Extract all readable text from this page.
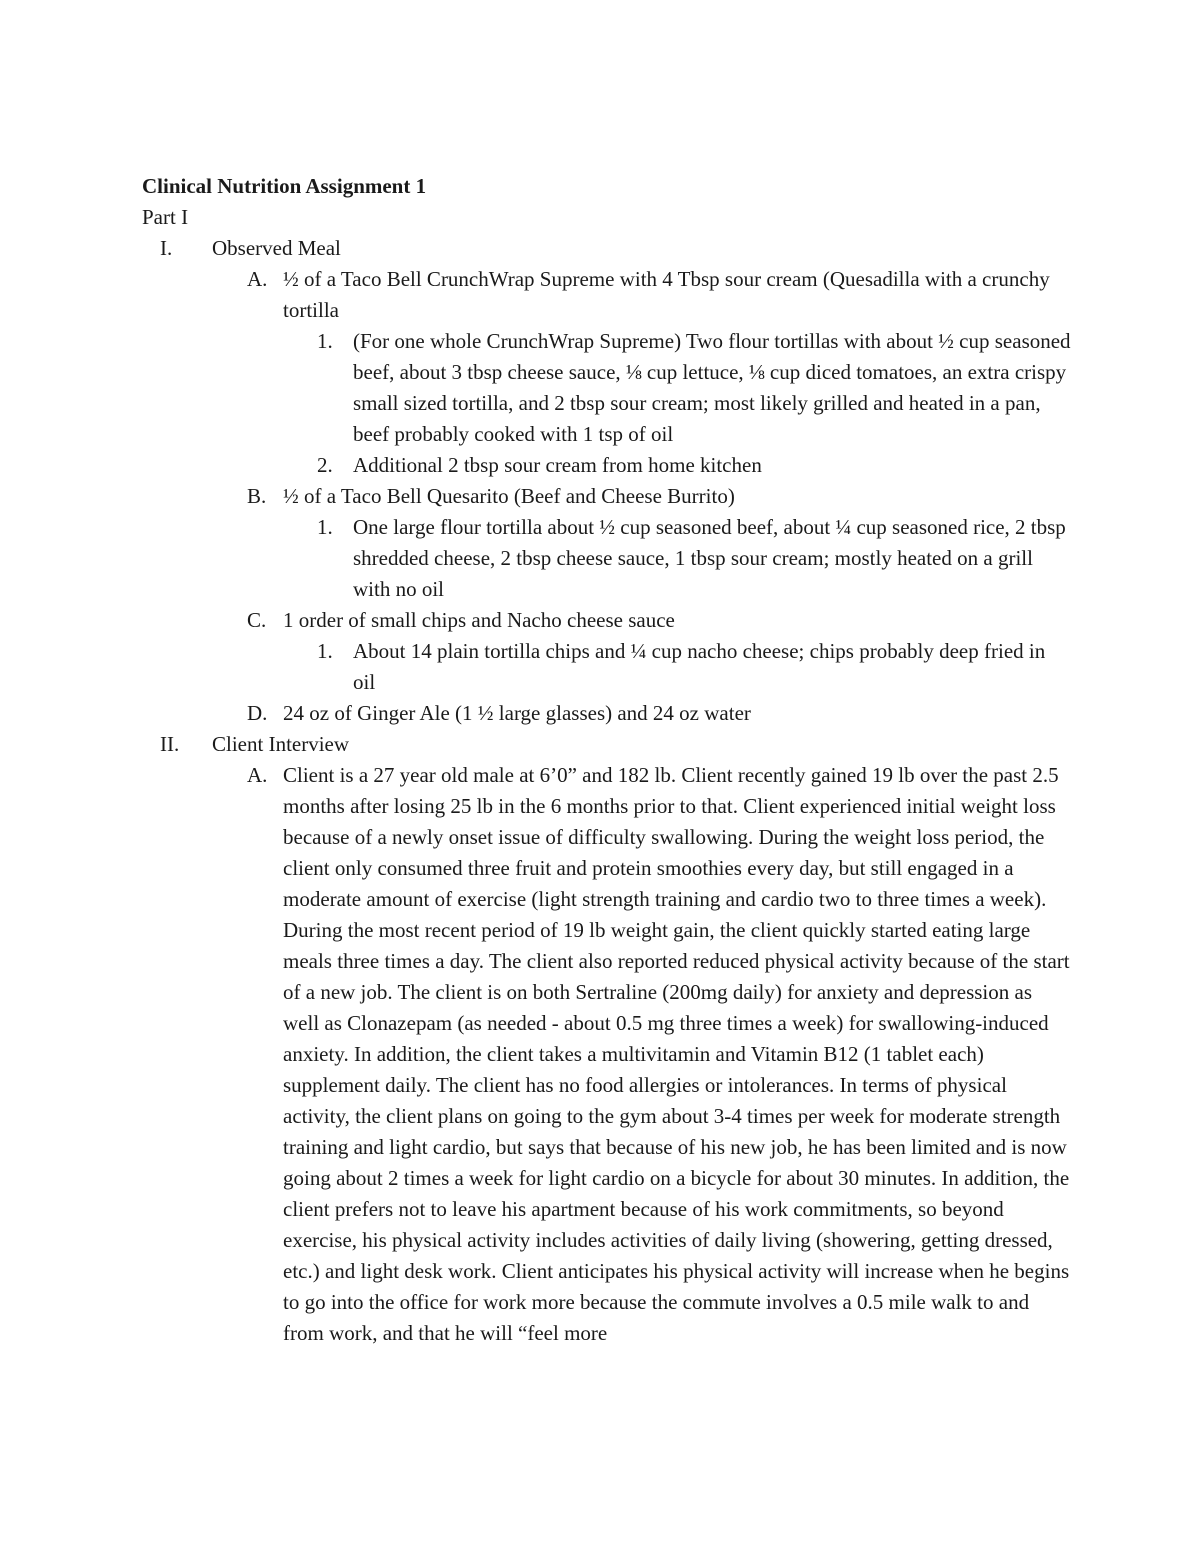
Clinical Nutrition Assignment 1

Part I

I.	Observed Meal
A. ½ of a Taco Bell CrunchWrap Supreme with 4 Tbsp sour cream (Quesadilla with a crunchy tortilla
1. (For one whole CrunchWrap Supreme) Two flour tortillas with about ½ cup seasoned beef, about 3 tbsp cheese sauce, ⅛ cup lettuce, ⅛ cup diced tomatoes, an extra crispy small sized tortilla, and 2 tbsp sour cream; most likely grilled and heated in a pan, beef probably cooked with 1 tsp of oil
2. Additional 2 tbsp sour cream from home kitchen
B. ½ of a Taco Bell Quesarito (Beef and Cheese Burrito)
1. One large flour tortilla about ½ cup seasoned beef, about ¼ cup seasoned rice, 2 tbsp shredded cheese, 2 tbsp cheese sauce, 1 tbsp sour cream; mostly heated on a grill with no oil
C. 1 order of small chips and Nacho cheese sauce
1. About 14 plain tortilla chips and ¼ cup nacho cheese; chips probably deep fried in oil
D. 24 oz of Ginger Ale (1 ½ large glasses) and 24 oz water
II.	Client Interview
A. Client is a 27 year old male at 6’0” and 182 lb. Client recently gained 19 lb over the past 2.5 months after losing 25 lb in the 6 months prior to that. Client experienced initial weight loss because of a newly onset issue of difficulty swallowing. During the weight loss period, the client only consumed three fruit and protein smoothies every day, but still engaged in a moderate amount of exercise (light strength training and cardio two to three times a week). During the most recent period of 19 lb weight gain, the client quickly started eating large meals three times a day. The client also reported reduced physical activity because of the start of a new job. The client is on both Sertraline (200mg daily) for anxiety and depression as well as Clonazepam (as needed - about 0.5 mg three times a week) for swallowing-induced anxiety. In addition, the client takes a multivitamin and Vitamin B12 (1 tablet each) supplement daily. The client has no food allergies or intolerances. In terms of physical activity, the client plans on going to the gym about 3-4 times per week for moderate strength training and light cardio, but says that because of his new job, he has been limited and is now going about 2 times a week for light cardio on a bicycle for about 30 minutes. In addition, the client prefers not to leave his apartment because of his work commitments, so beyond exercise, his physical activity includes activities of daily living (showering, getting dressed, etc.) and light desk work. Client anticipates his physical activity will increase when he begins to go into the office for work more because the commute involves a 0.5 mile walk to and from work, and that he will “feel more
